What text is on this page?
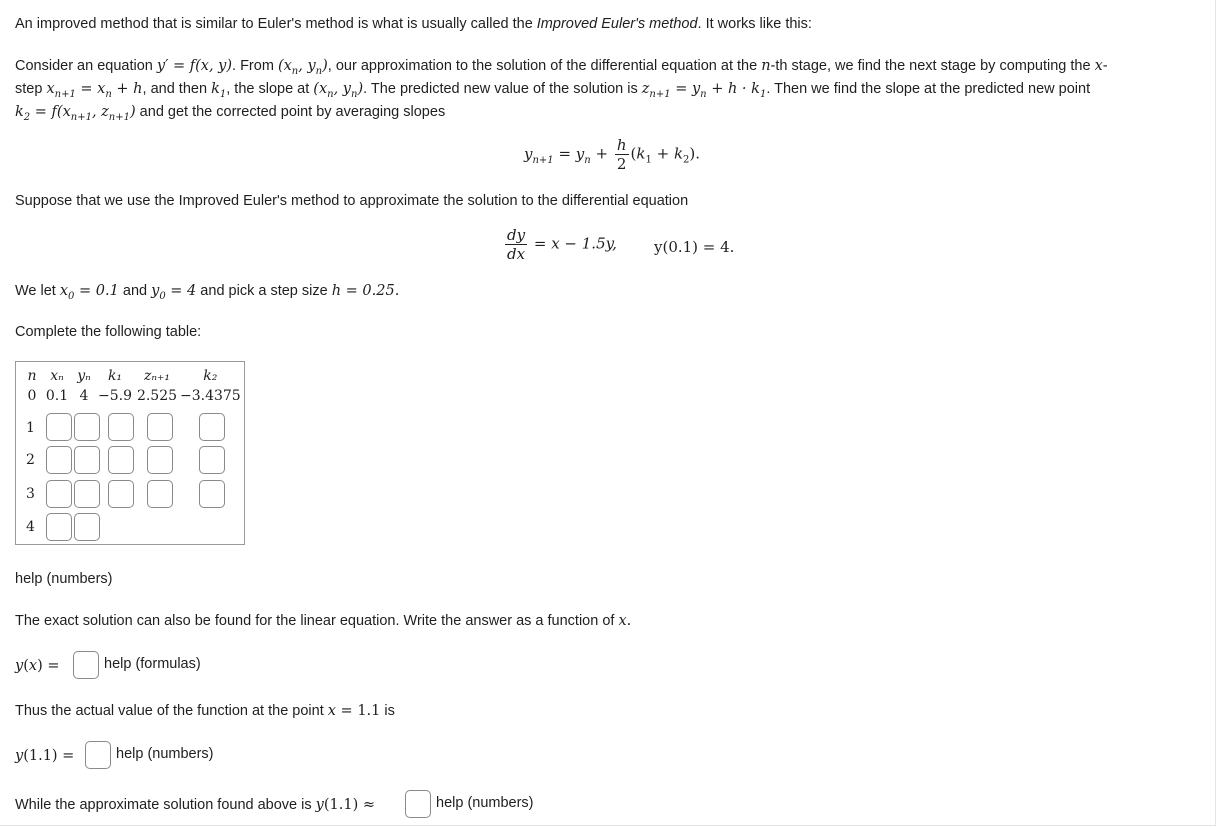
An improved method that is similar to Euler's method is what is usually called the Improved Euler's method. It works like this:
Consider an equation y′ = f(x, y). From ($x_n$, $y_n$), our approximation to the solution of the differential equation at the n-th stage, we find the next stage by computing the x-
step $x_{n+1} = x_n + h$, and then $k_1$, the slope at ($x_n$, $y_n$). The predicted new value of the solution is $z_{n+1} = y_n + h \cdot k_1$. Then we find the slope at the predicted new point
$k_2 = f(x_{n+1}$, $z_{n+1}$) and get the corrected point by averaging slopes
$y_{n+1} = y_n + \frac{h}{2} (k_1 + k_2)$.
Suppose that we use the Improved Euler's method to approximate the solution to the differential equation
$\frac{dy}{dx} = x - 1.5y$, y(0.1) = 4.
We let $x_0 = 0.1$ and $y_0 = 4$ and pick a step size h = 0.25.
Complete the following table:
n	xₙ	yₙ	k₁	zₙ₊₁	k₂
0	0.1	4	−5.9	2.525	−3.4375
1
2
3
4
help (numbers)
The exact solution can also be found for the linear equation. Write the answer as a function of x.
y(x) =	help (formulas)
Thus the actual value of the function at the point x = 1.1 is
y(1.1) =	help (numbers)
While the approximate solution found above is y(1.1) ≈	help (numbers)
